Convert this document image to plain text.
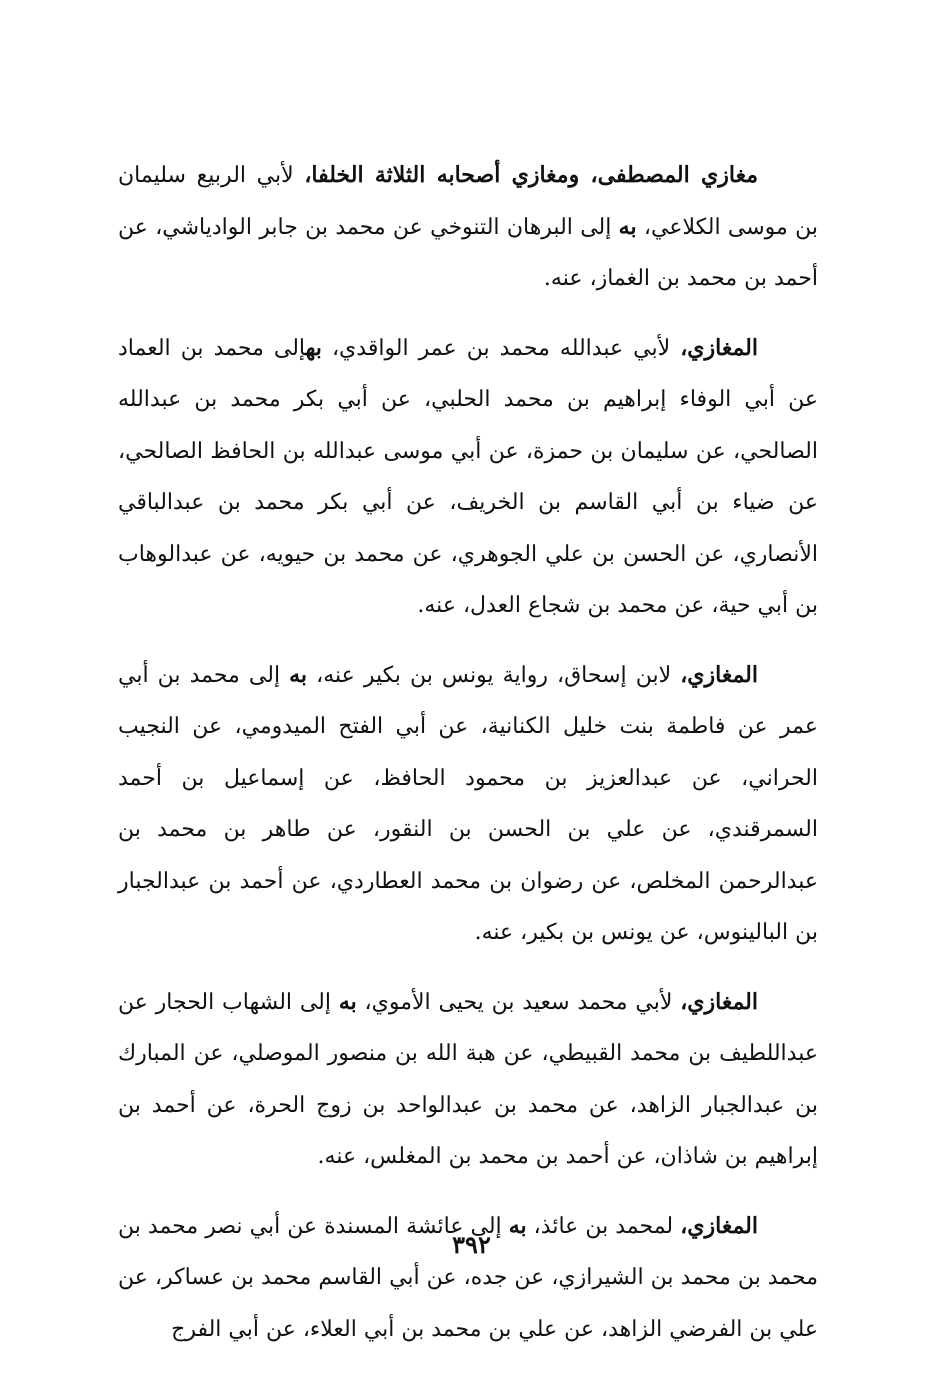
مغازي المصطفى، ومغازي أصحابه الثلاثة الخلفا، لأبي الربيع سليمان بن موسى الكلاعي، به إلى البرهان التنوخي عن محمد بن جابر الوادياشي، عن أحمد بن محمد بن الغماز، عنه.

المغازي، لأبي عبدالله محمد بن عمر الواقدي، بهإلى محمد بن العماد عن أبي الوفاء إبراهيم بن محمد الحلبي، عن أبي بكر محمد بن عبدالله الصالحي، عن سليمان بن حمزة، عن أبي موسى عبدالله بن الحافظ الصالحي، عن ضياء بن أبي القاسم بن الخريف، عن أبي بكر محمد بن عبدالباقي الأنصاري، عن الحسن بن علي الجوهري، عن محمد بن حيويه، عن عبدالوهاب بن أبي حية، عن محمد بن شجاع العدل، عنه.

المغازي، لابن إسحاق، رواية يونس بن بكير عنه، به إلى محمد بن أبي عمر عن فاطمة بنت خليل الكنانية، عن أبي الفتح الميدومي، عن النجيب الحراني، عن عبدالعزيز بن محمود الحافظ، عن إسماعيل بن أحمد السمرقندي، عن علي بن الحسن بن النقور، عن طاهر بن محمد بن عبدالرحمن المخلص، عن رضوان بن محمد العطاردي، عن أحمد بن عبدالجبار بن البالينوس، عن يونس بن بكير، عنه.

المغازي، لأبي محمد سعيد بن يحيى الأموي، به إلى الشهاب الحجار عن عبداللطيف بن محمد القبيطي، عن هبة الله بن منصور الموصلي، عن المبارك بن عبدالجبار الزاهد، عن محمد بن عبدالواحد بن زوج الحرة، عن أحمد بن إبراهيم بن شاذان، عن أحمد بن محمد بن المغلس، عنه.

المغازي، لمحمد بن عائذ، به إلى عائشة المسندة عن أبي نصر محمد بن محمد بن محمد بن الشيرازي، عن جده، عن أبي القاسم محمد بن عساكر، عن علي بن الفرضي الزاهد، عن علي بن محمد بن أبي العلاء، عن أبي الفرج

٣٩٢
